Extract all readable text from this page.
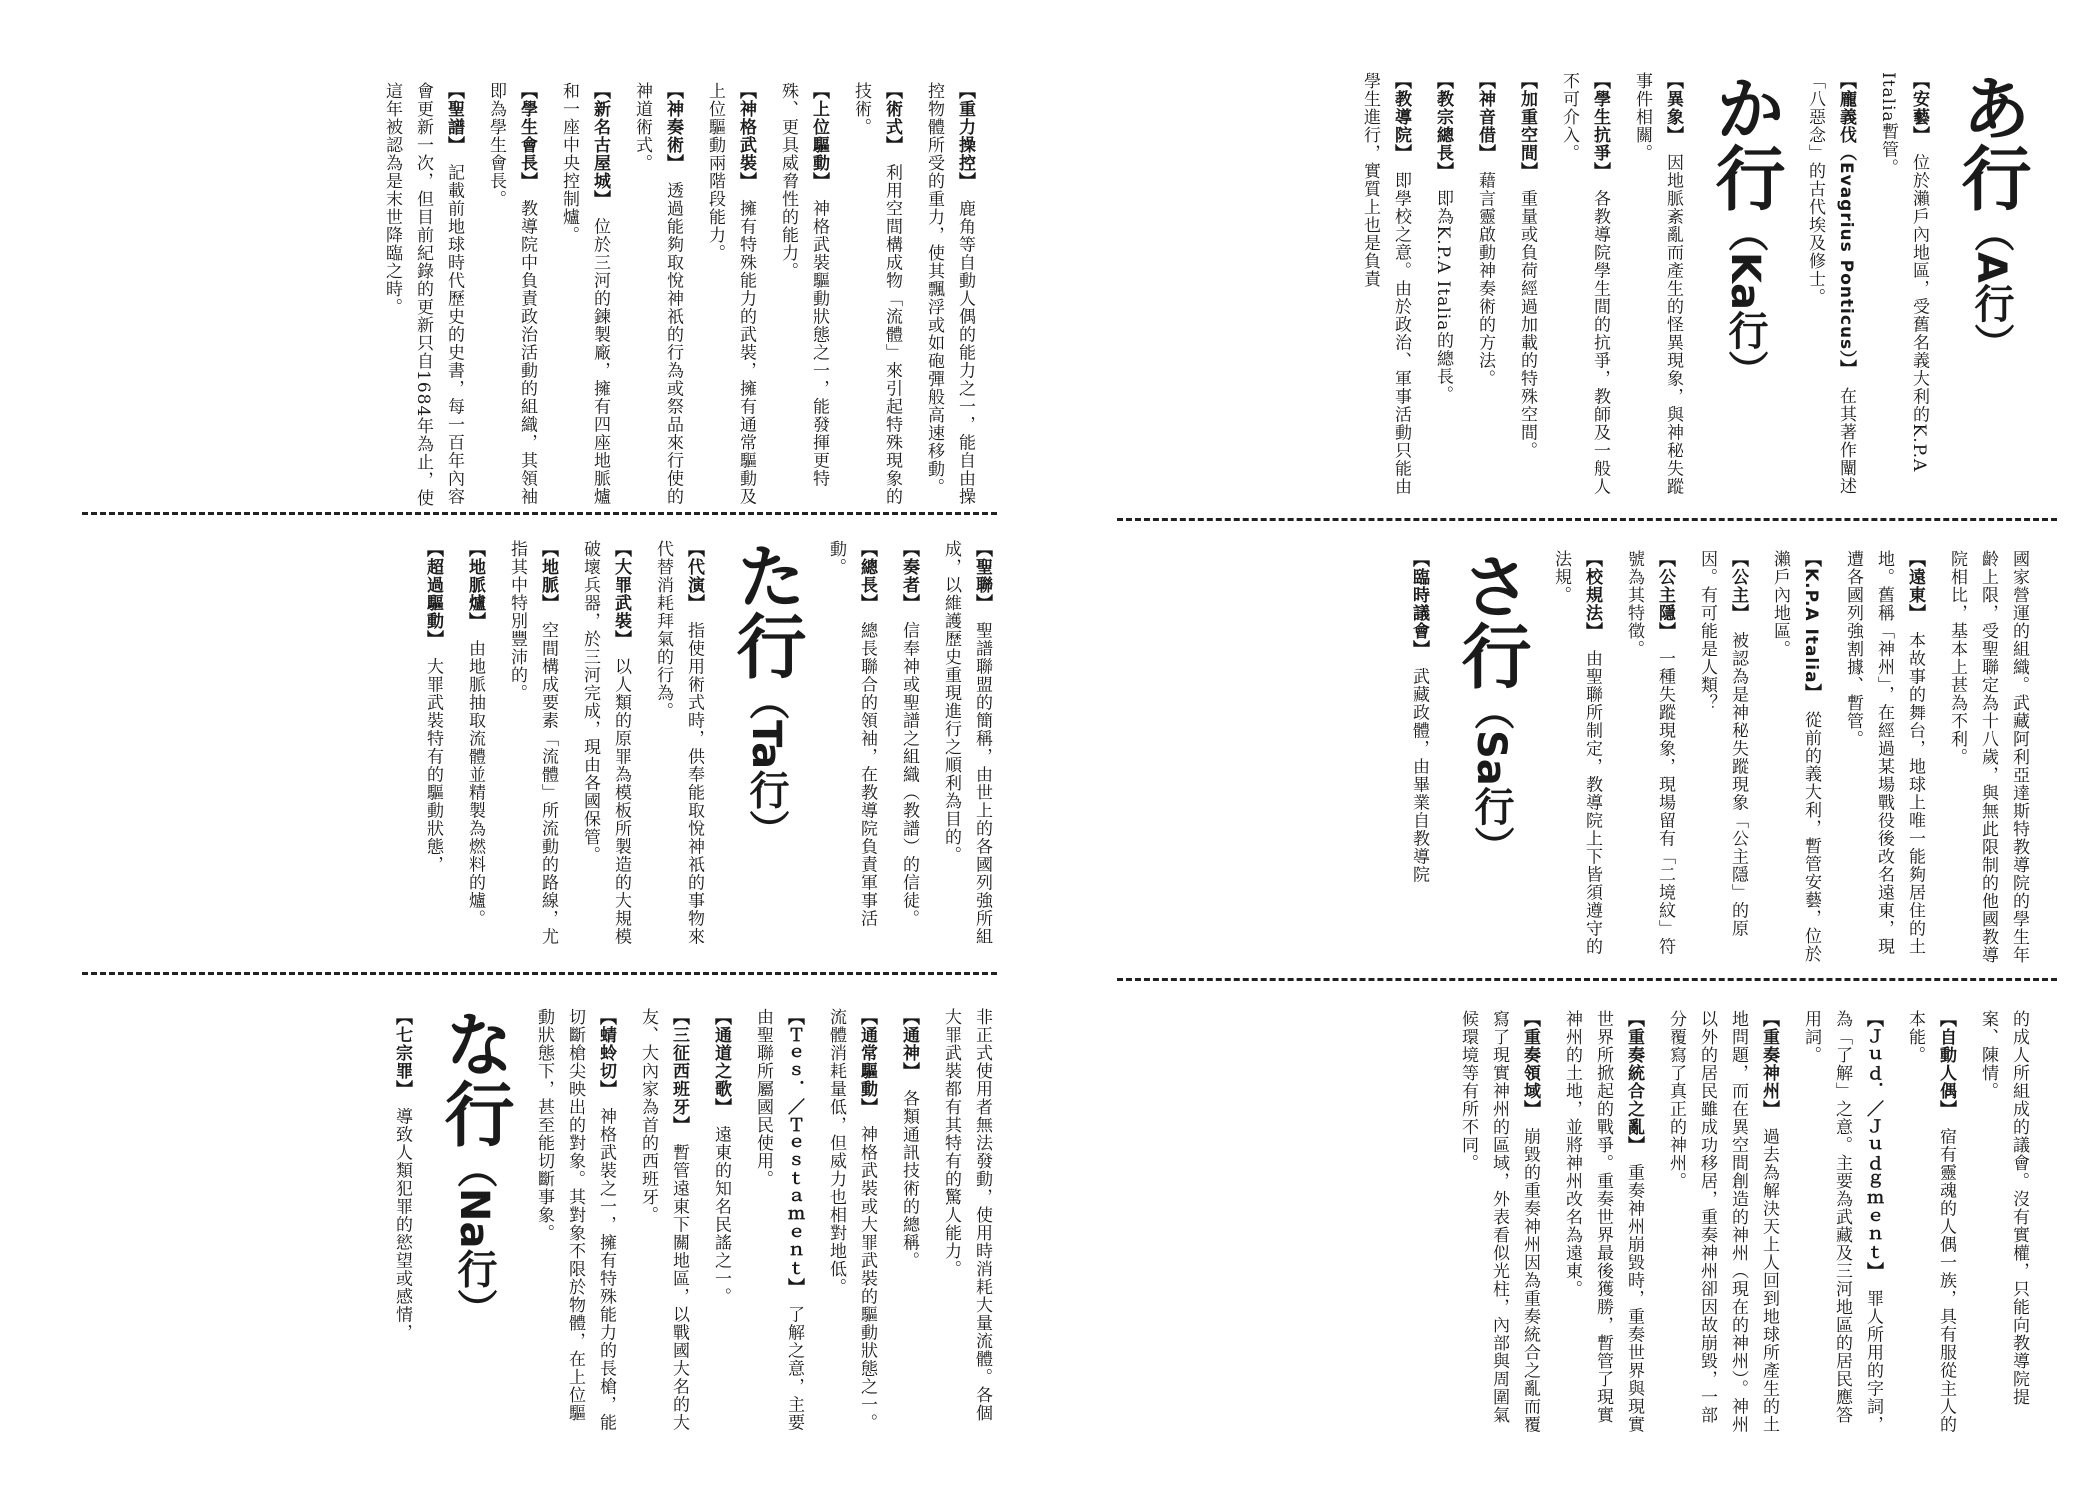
【重力操控】　鹿角等自動人偶的能力之一，能自由操控物體所受的重力，使其飄浮或如砲彈般高速移動。
【術式】　利用空間構成物「流體」來引起特殊現象的技術。
【上位驅動】　神格武裝驅動狀態之一，能發揮更特殊、更具威脅性的能力。
【神格武裝】　擁有特殊能力的武裝，擁有通常驅動及上位驅動兩階段能力。
【神奏術】　透過能夠取悅神祇的行為或祭品來行使的神道術式。
【新名古屋城】　位於三河的鍊製廠，擁有四座地脈爐和一座中央控制爐。
【學生會長】　教導院中負責政治活動的組織，其領袖即為學生會長。
【聖譜】　記載前地球時代歷史的史書，每一百年內容會更新一次，但目前紀錄的更新只自1684年為止，使這年被認為是末世降臨之時。
【聖聯】　聖譜聯盟的簡稱，由世上的各國列強所組成，以維護歷史重現進行之順利為目的。
【奏者】　信奉神或聖譜之組織（教譜）的信徒。
【總長】　總長聯合的領袖，在教導院負責軍事活動。
た行（Ta行）
【代演】　指使用術式時，供奉能取悅神祇的事物來代替消耗拜氣的行為。
【大罪武裝】　以人類的原罪為模板所製造的大規模破壞兵器，於三河完成，現由各國保管。
【地脈】　空間構成要素「流體」所流動的路線，尤指其中特別豐沛的。
【地脈爐】　由地脈抽取流體並精製為燃料的爐。
【超過驅動】　大罪武裝特有的驅動狀態，
非正式使用者無法發動，使用時消耗大量流體。各個大罪武裝都有其特有的驚人能力。
【通神】　各類通訊技術的總稱。
【通常驅動】　神格武裝或大罪武裝的驅動狀態之一。流體消耗量低，但威力也相對地低。
【Ｔｅｓ．／Ｔｅｓｔａｍｅｎｔ】　了解之意，主要由聖聯所屬國民使用。
【通道之歌】　遠東的知名民謠之一。
【三征西班牙】　暫管遠東下關地區，以戰國大名的大友、大內家為首的西班牙。
【蜻蛉切】　神格武裝之一，擁有特殊能力的長槍，能切斷槍尖映出的對象。其對象不限於物體，在上位驅動狀態下，甚至能切斷事象。
な行（Na行）
【七宗罪】　導致人類犯罪的慾望或感情，
あ行（A行）
【安藝】　位於瀨戶內地區，受舊名義大利的K.P.A Italia暫管。
【龐義伐（Evagrius Ponticus）】　在其著作闡述「八惡念」的古代埃及修士。
か行（Ka行）
【異象】　因地脈紊亂而產生的怪異現象，與神秘失蹤事件相關。
【學生抗爭】　各教導院學生間的抗爭，教師及一般人不可介入。
【加重空間】　重量或負荷經過加載的特殊空間。
【神音借】　藉言靈啟動神奏術的方法。
【教宗總長】　即為K.P.A Italia的總長。
【教導院】　即學校之意。由於政治、軍事活動只能由學生進行，實質上也是負責
國家營運的組織。武藏阿利亞達斯特教導院的學生年齡上限，受聖聯定為十八歲，與無此限制的他國教導院相比，基本上甚為不利。
【遠東】　本故事的舞台，地球上唯一能夠居住的土地。舊稱「神州」，在經過某場戰役後改名遠東，現遭各國列強割據、暫管。
【K.P.A Italia】　從前的義大利，暫管安藝，位於瀨戶內地區。
【公主】　被認為是神秘失蹤現象「公主隱」的原因。有可能是人類？
【公主隱】　一種失蹤現象，現場留有「二境紋」符號為其特徵。
【校規法】　由聖聯所制定，教導院上下皆須遵守的法規。
さ行（Sa行）
【臨時議會】　武藏政體，由畢業自教導院
的成人所組成的議會。沒有實權，只能向教導院提案、陳情。
【自動人偶】　宿有靈魂的人偶一族，具有服從主人的本能。
【Ｊｕｄ．／Ｊｕｄｇｍｅｎｔ】　罪人所用的字詞，為「了解」之意。主要為武藏及三河地區的居民應答用詞。
【重奏神州】　過去為解決天上人回到地球所產生的土地問題，而在異空間創造的神州（現在的神州）。神州以外的居民雖成功移居，重奏神州卻因故崩毀，一部分覆寫了真正的神州。
【重奏統合之亂】　重奏神州崩毀時，重奏世界與現實世界所掀起的戰爭。重奏世界最後獲勝，暫管了現實神州的土地，並將神州改名為遠東。
【重奏領域】　崩毀的重奏神州因為重奏統合之亂而覆寫了現實神州的區域，外表看似光柱，內部與周圍氣候環境等有所不同。
